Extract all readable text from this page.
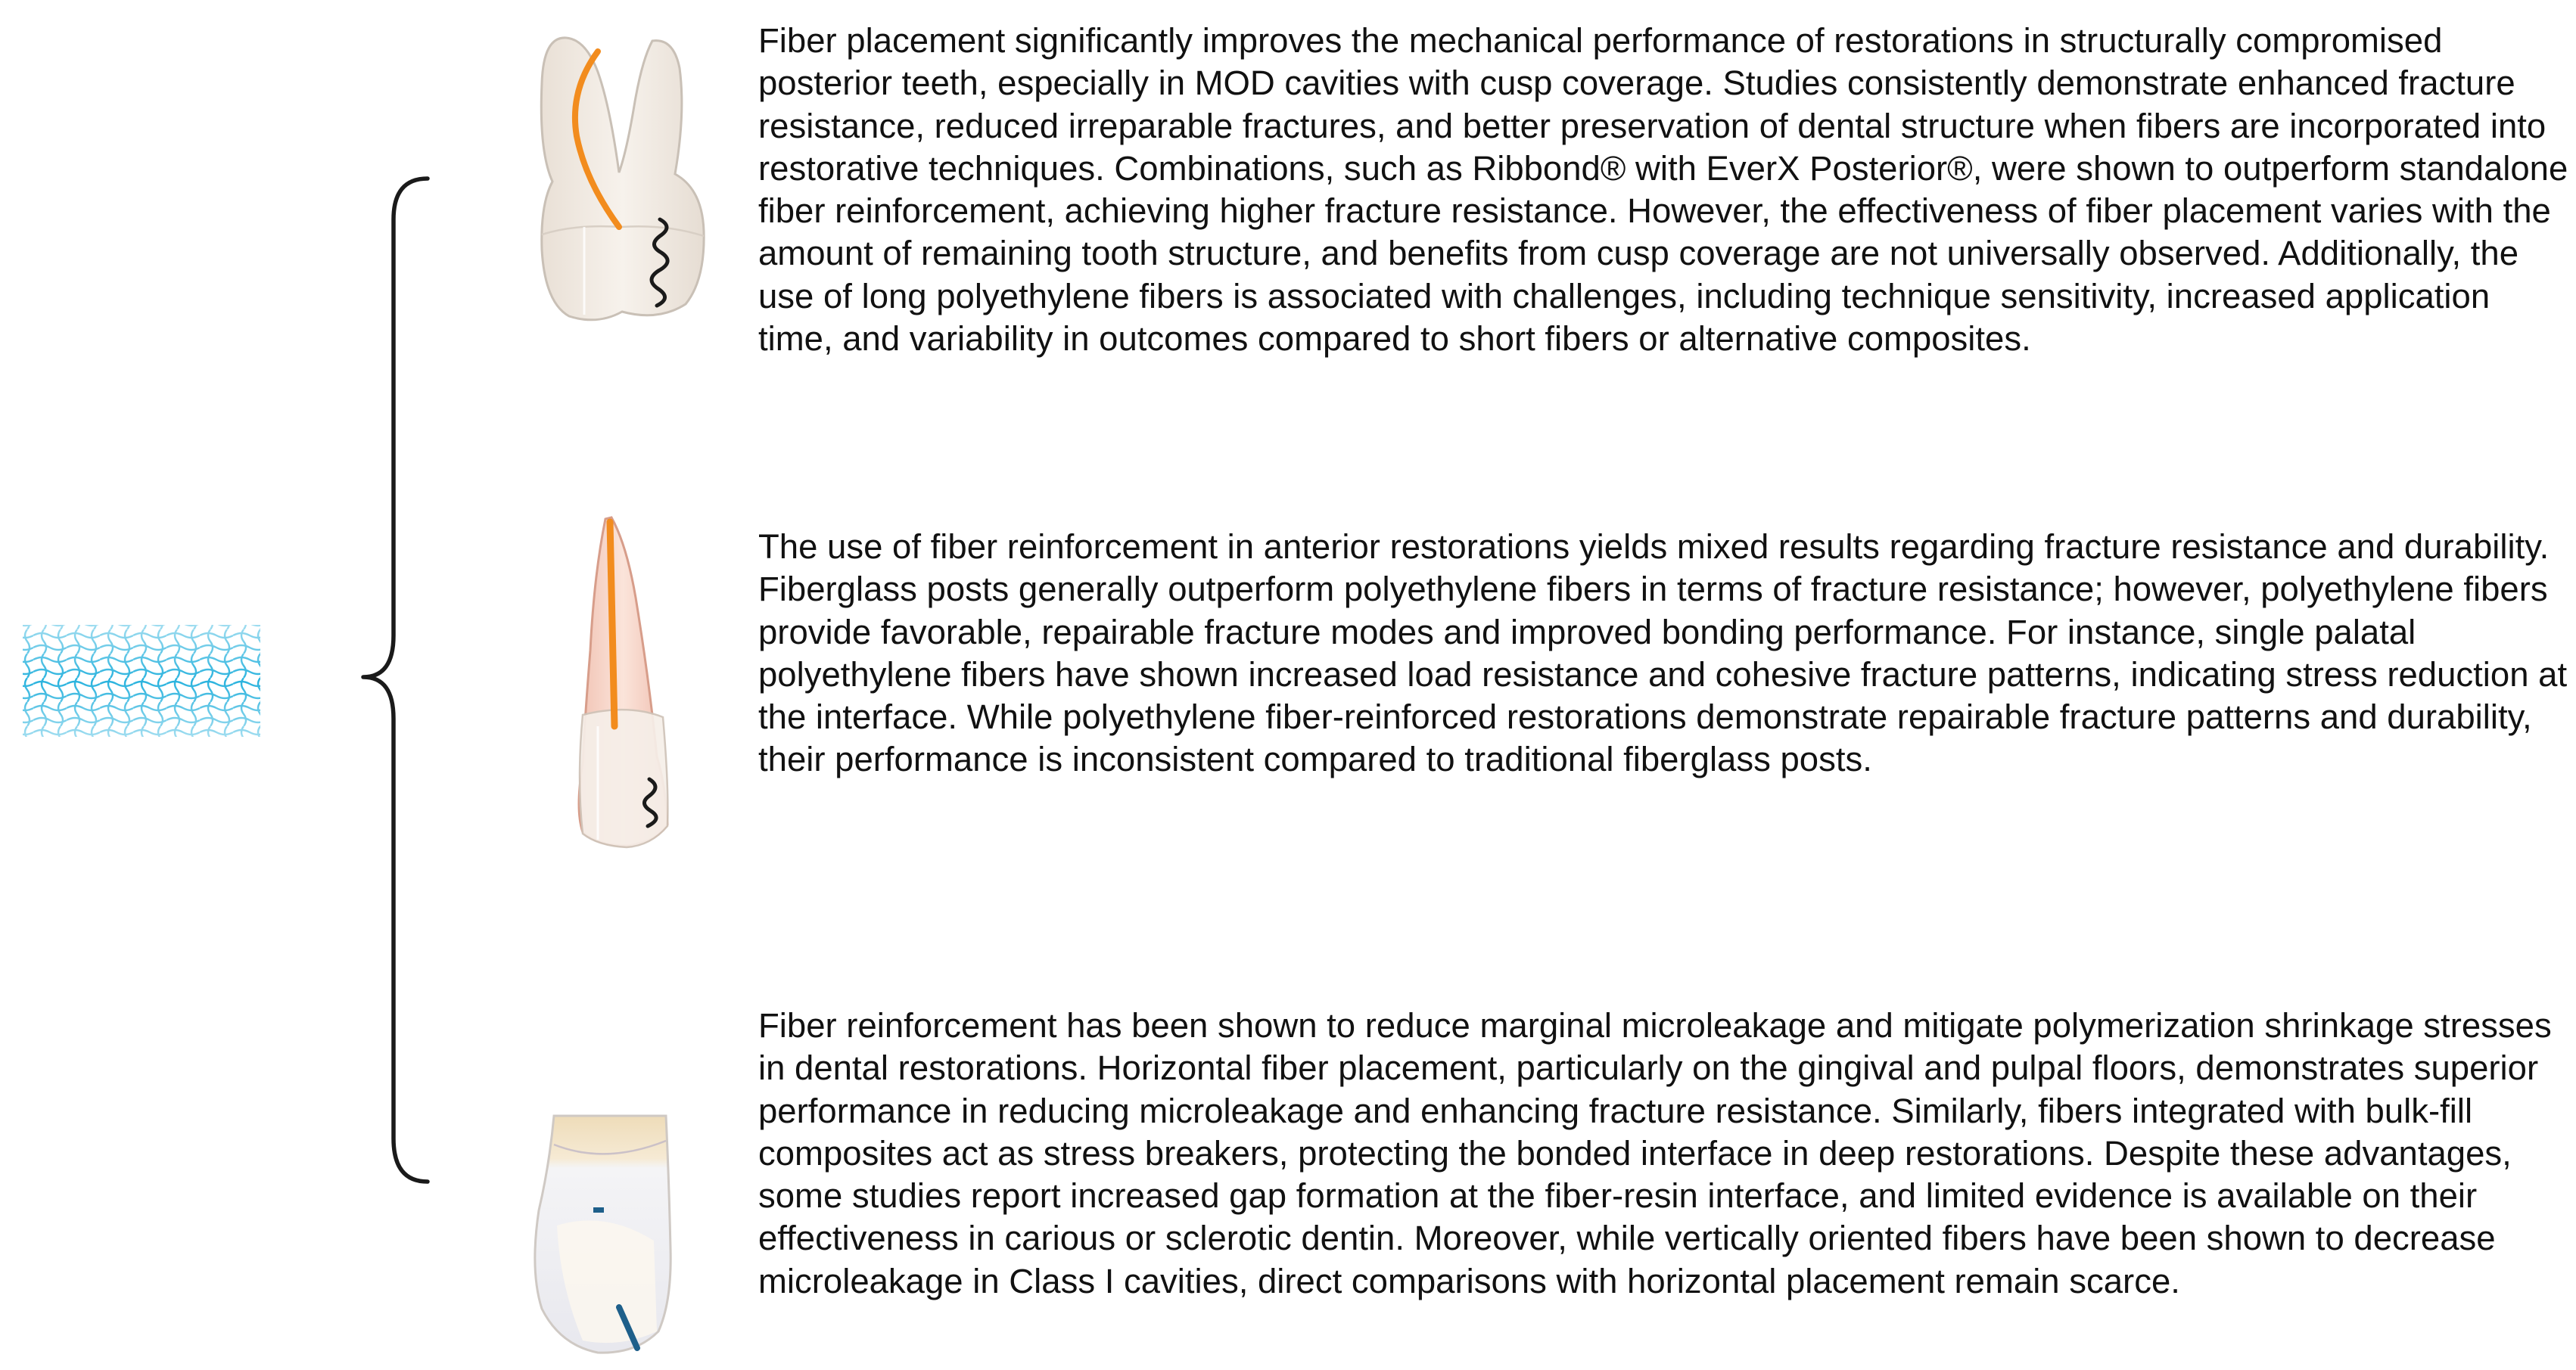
Fiber placement significantly improves the mechanical performance of restorations in structurally compromised posterior teeth, especially in MOD cavities with cusp coverage. Studies consistently demonstrate enhanced fracture resistance, reduced irreparable fractures, and better preservation of dental structure when fibers are incorporated into restorative techniques. Combinations, such as Ribbond® with EverX Posterior®, were shown to outperform standalone fiber reinforcement, achieving higher fracture resistance. However, the effectiveness of fiber placement varies with the amount of remaining tooth structure, and benefits from cusp coverage are not universally observed. Additionally, the use of long polyethylene fibers is associated with challenges, including technique sensitivity, increased application time, and variability in outcomes compared to short fibers or alternative composites.

The use of fiber reinforcement in anterior restorations yields mixed results regarding fracture resistance and durability. Fiberglass posts generally outperform polyethylene fibers in terms of fracture resistance; however, polyethylene fibers provide favorable, repairable fracture modes and improved bonding performance. For instance, single palatal polyethylene fibers have shown increased load resistance and cohesive fracture patterns, indicating stress reduction at the interface. While polyethylene fiber-reinforced restorations demonstrate repairable fracture patterns and durability, their performance is inconsistent compared to traditional fiberglass posts.

Fiber reinforcement has been shown to reduce marginal microleakage and mitigate polymerization shrinkage stresses in dental restorations. Horizontal fiber placement, particularly on the gingival and pulpal floors, demonstrates superior performance in reducing microleakage and enhancing fracture resistance. Similarly, fibers integrated with bulk-fill composites act as stress breakers, protecting the bonded interface in deep restorations. Despite these advantages, some studies report increased gap formation at the fiber-resin interface, and limited evidence is available on their effectiveness in carious or sclerotic dentin. Moreover, while vertically oriented fibers have been shown to decrease microleakage in Class I cavities, direct comparisons with horizontal placement remain scarce.
